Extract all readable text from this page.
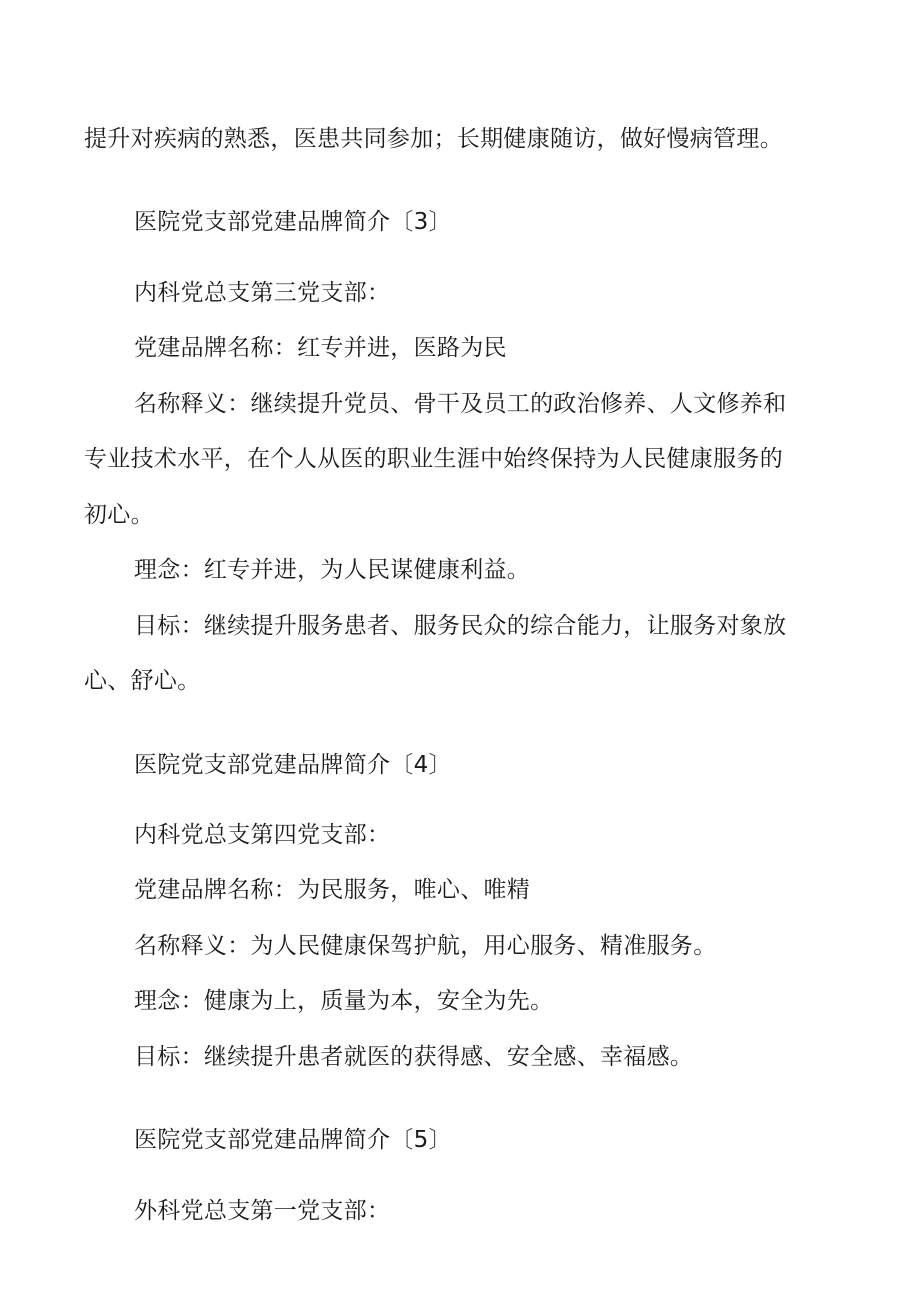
提升对疾病的熟悉，医患共同参加；长期健康随访，做好慢病管理。
医院党支部党建品牌简介〔3〕
内科党总支第三党支部：
党建品牌名称：红专并进，医路为民
名称释义：继续提升党员、骨干及员工的政治修养、人文修养和
专业技术水平，在个人从医的职业生涯中始终保持为人民健康服务的
初心。
理念：红专并进，为人民谋健康利益。
目标：继续提升服务患者、服务民众的综合能力，让服务对象放
心、舒心。
医院党支部党建品牌简介〔4〕
内科党总支第四党支部：
党建品牌名称：为民服务，唯心、唯精
名称释义：为人民健康保驾护航，用心服务、精准服务。
理念：健康为上，质量为本，安全为先。
目标：继续提升患者就医的获得感、安全感、幸福感。
医院党支部党建品牌简介〔5〕
外科党总支第一党支部：
